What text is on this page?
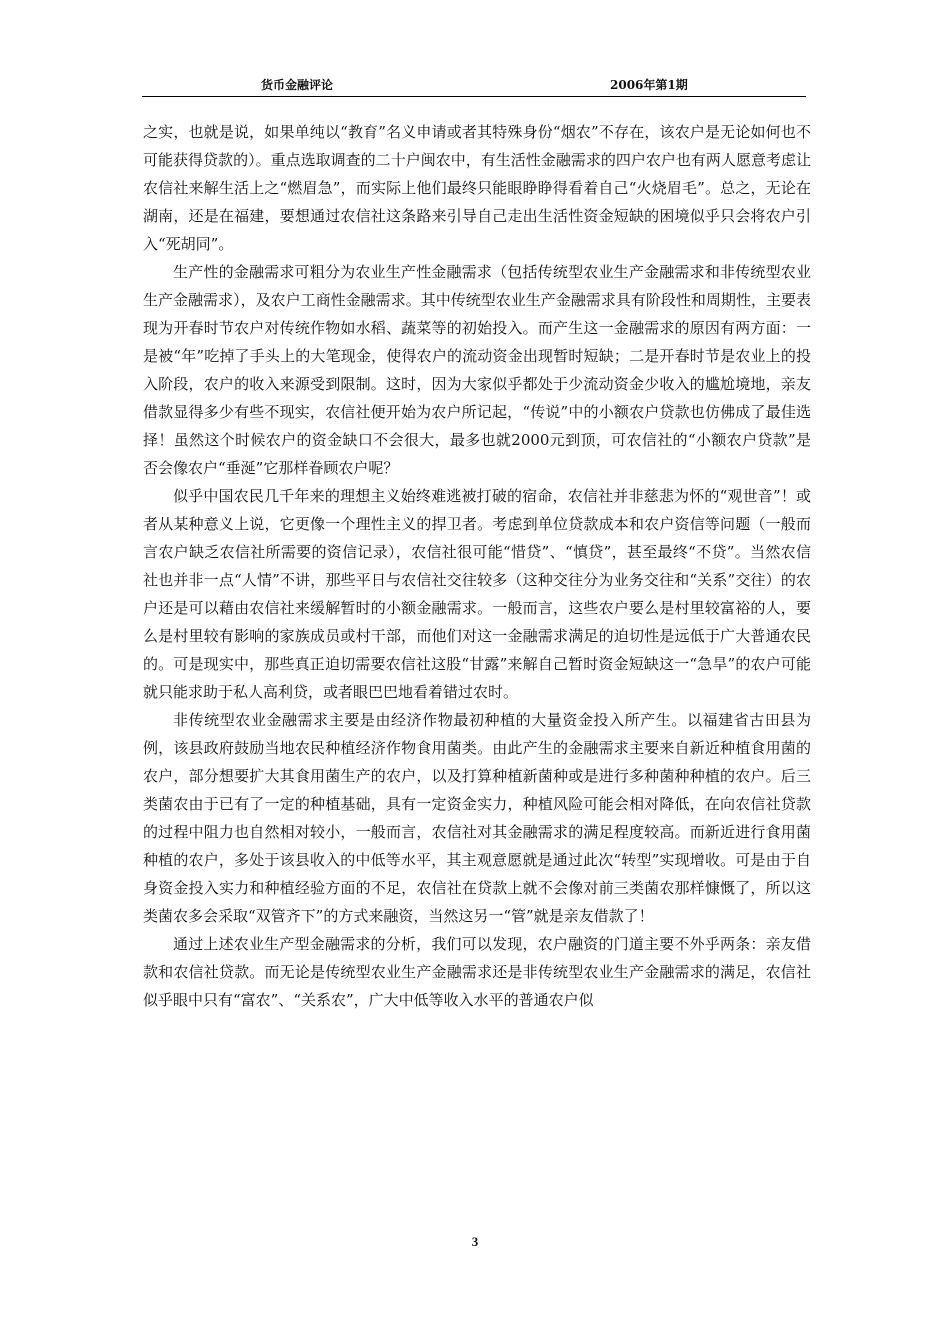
货币金融评论	2006年第1期

之实，也就是说，如果单纯以“教育”名义申请或者其特殊身份“烟农”不存在，该农户是无论如何也不可能获得贷款的）。重点选取调查的二十户闽农中，有生活性金融需求的四户农户也有两人愿意考虑让农信社来解生活上之“燃眉急”，而实际上他们最终只能眼睁睁得看着自己“火烧眉毛”。总之，无论在湖南，还是在福建，要想通过农信社这条路来引导自己走出生活性资金短缺的困境似乎只会将农户引入“死胡同”。

生产性的金融需求可粗分为农业生产性金融需求（包括传统型农业生产金融需求和非传统型农业生产金融需求），及农户工商性金融需求。其中传统型农业生产金融需求具有阶段性和周期性，主要表现为开春时节农户对传统作物如水稻、蔬菜等的初始投入。而产生这一金融需求的原因有两方面：一是被“年”吃掉了手头上的大笔现金，使得农户的流动资金出现暂时短缺；二是开春时节是农业上的投入阶段，农户的收入来源受到限制。这时，因为大家似乎都处于少流动资金少收入的尴尬境地，亲友借款显得多少有些不现实，农信社便开始为农户所记起，“传说”中的小额农户贷款也仿佛成了最佳选择！虽然这个时候农户的资金缺口不会很大，最多也就2000元到顶，可农信社的“小额农户贷款”是否会像农户“垂涎”它那样眷顾农户呢？

似乎中国农民几千年来的理想主义始终难逃被打破的宿命，农信社并非慈悲为怀的“观世音”！或者从某种意义上说，它更像一个理性主义的捍卫者。考虑到单位贷款成本和农户资信等问题（一般而言农户缺乏农信社所需要的资信记录），农信社很可能“惜贷”、“慎贷”，甚至最终“不贷”。当然农信社也并非一点“人情”不讲，那些平日与农信社交往较多（这种交往分为业务交往和“关系”交往）的农户还是可以藉由农信社来缓解暂时的小额金融需求。一般而言，这些农户要么是村里较富裕的人，要么是村里较有影响的家族成员或村干部，而他们对这一金融需求满足的迫切性是远低于广大普通农民的。可是现实中，那些真正迫切需要农信社这股“甘露”来解自己暂时资金短缺这一“急旱”的农户可能就只能求助于私人高利贷，或者眼巴巴地看着错过农时。

非传统型农业金融需求主要是由经济作物最初种植的大量资金投入所产生。以福建省古田县为例，该县政府鼓励当地农民种植经济作物食用菌类。由此产生的金融需求主要来自新近种植食用菌的农户，部分想要扩大其食用菌生产的农户，以及打算种植新菌种或是进行多种菌种种植的农户。后三类菌农由于已有了一定的种植基础，具有一定资金实力，种植风险可能会相对降低，在向农信社贷款的过程中阻力也自然相对较小，一般而言，农信社对其金融需求的满足程度较高。而新近进行食用菌种植的农户，多处于该县收入的中低等水平，其主观意愿就是通过此次“转型”实现增收。可是由于自身资金投入实力和种植经验方面的不足，农信社在贷款上就不会像对前三类菌农那样慷慨了，所以这类菌农多会采取“双管齐下”的方式来融资，当然这另一“管”就是亲友借款了！

通过上述农业生产型金融需求的分析，我们可以发现，农户融资的门道主要不外乎两条：亲友借款和农信社贷款。而无论是传统型农业生产金融需求还是非传统型农业生产金融需求的满足，农信社似乎眼中只有“富农”、“关系农”，广大中低等收入水平的普通农户似

3
